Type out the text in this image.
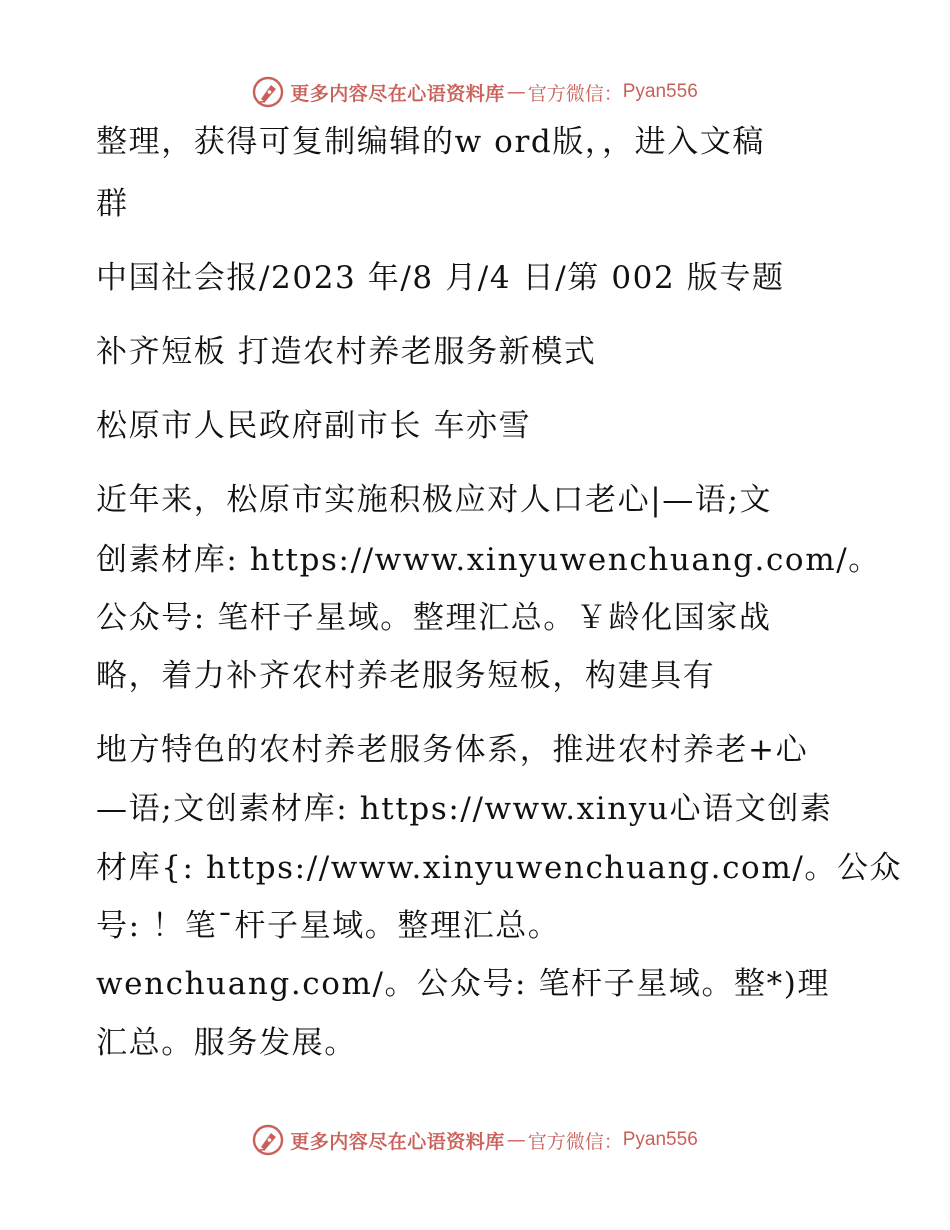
更多内容尽在心语资料库 — 官方微信： Pyan556
整理，获得可复制编辑的w ord版，，进入文稿
群
中国社会报/2023 年/8 月/4 日/第 002 版专题
补齐短板 打造农村养老服务新模式
松原市人民政府副市长 车亦雪
近年来，松原市实施积极应对人口老心|—语;文
创素材库: https://www.xinyuwenchuang.com/。
公众号: 笔杆子星域。整理汇总。￥龄化国家战
略，着力补齐农村养老服务短板，构建具有
地方特色的农村养老服务体系，推进农村养老+心
—语;文创素材库: https://www.xinyu心语文创素
材库{: https://www.xinyuwenchuang.com/。公众
号: ！笔¯杆子星域。整理汇总。
wenchuang.com/。公众号: 笔杆子星域。整*)理
汇总。服务发展。
更多内容尽在心语资料库 — 官方微信： Pyan556
